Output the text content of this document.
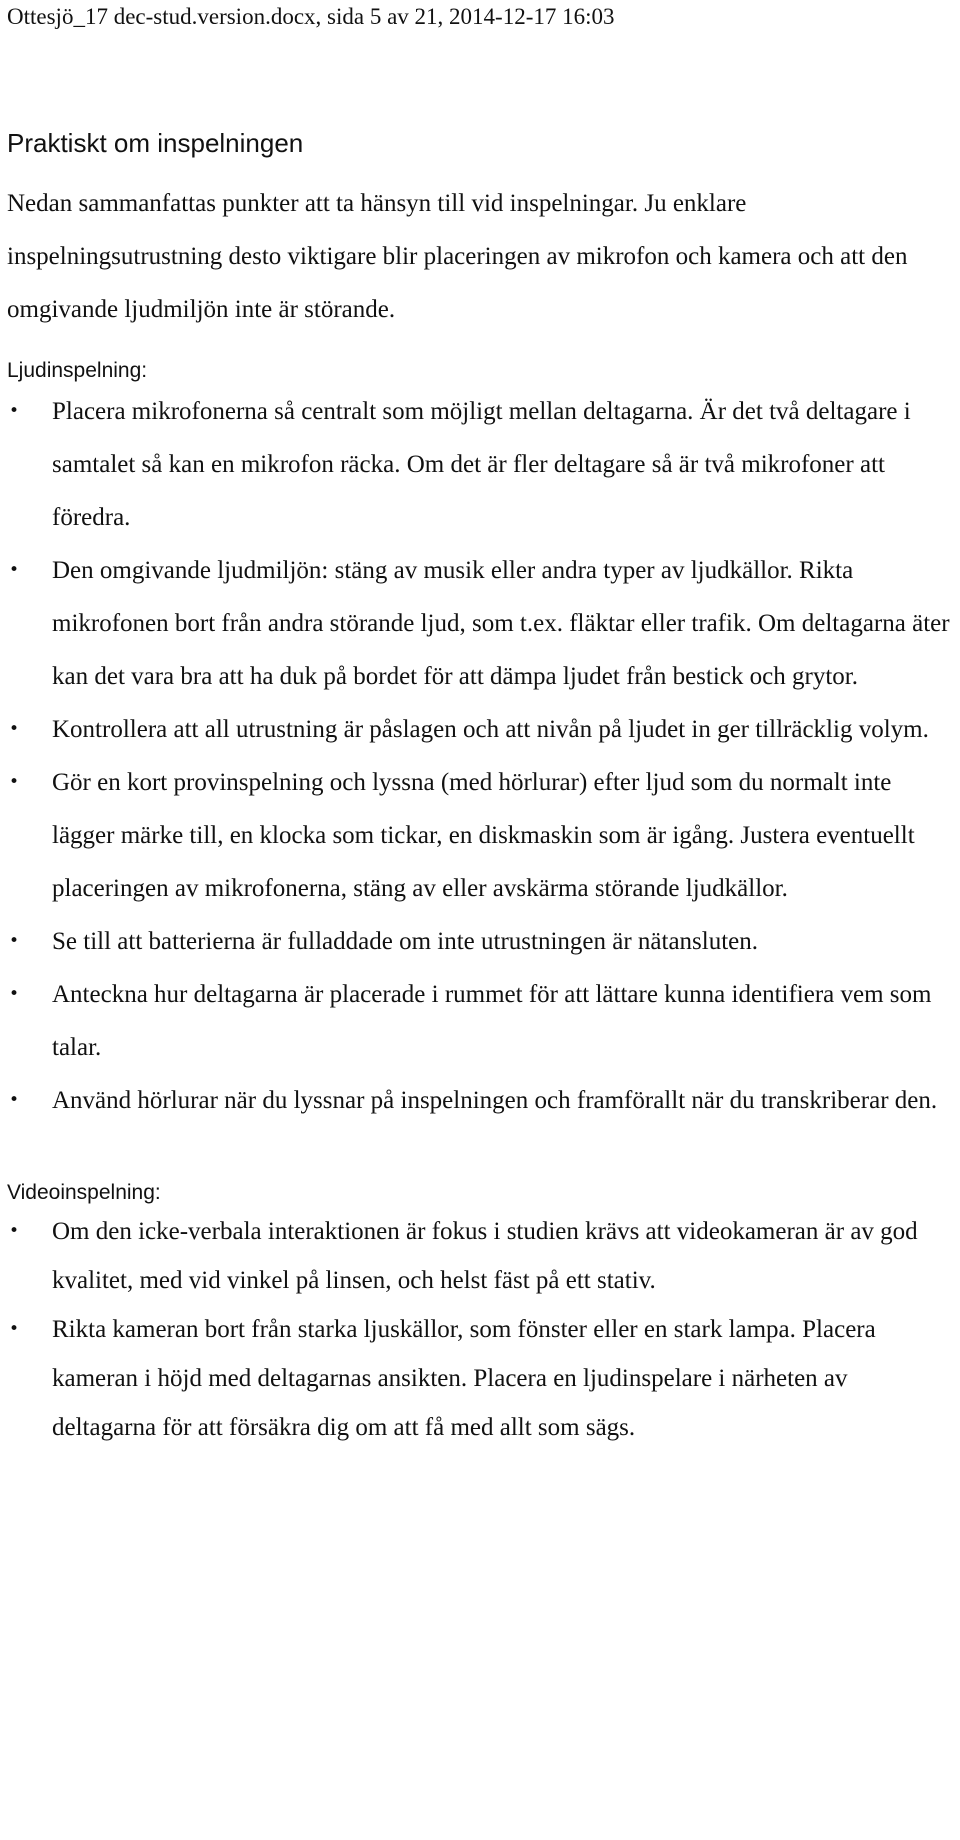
Ottesjö_17 dec-stud.version.docx, sida 5 av 21, 2014-12-17 16:03
Praktiskt om inspelningen
Nedan sammanfattas punkter att ta hänsyn till vid inspelningar. Ju enklare inspelningsutrustning desto viktigare blir placeringen av mikrofon och kamera och att den omgivande ljudmiljön inte är störande.
Ljudinspelning:
• Placera mikrofonerna så centralt som möjligt mellan deltagarna. Är det två deltagare i samtalet så kan en mikrofon räcka. Om det är fler deltagare så är två mikrofoner att föredra.
• Den omgivande ljudmiljön: stäng av musik eller andra typer av ljudkällor. Rikta mikrofonen bort från andra störande ljud, som t.ex. fläktar eller trafik. Om deltagarna äter kan det vara bra att ha duk på bordet för att dämpa ljudet från bestick och grytor.
• Kontrollera att all utrustning är påslagen och att nivån på ljudet in ger tillräcklig volym.
• Gör en kort provinspelning och lyssna (med hörlurar) efter ljud som du normalt inte lägger märke till, en klocka som tickar, en diskmaskin som är igång. Justera eventuellt placeringen av mikrofonerna, stäng av eller avskärma störande ljudkällor.
• Se till att batterierna är fulladdade om inte utrustningen är nätansluten.
• Anteckna hur deltagarna är placerade i rummet för att lättare kunna identifiera vem som talar.
• Använd hörlurar när du lyssnar på inspelningen och framförallt när du transkriberar den.
Videoinspelning:
• Om den icke-verbala interaktionen är fokus i studien krävs att videokameran är av god kvalitet, med vid vinkel på linsen, och helst fäst på ett stativ.
• Rikta kameran bort från starka ljuskällor, som fönster eller en stark lampa. Placera kameran i höjd med deltagarnas ansikten. Placera en ljudinspelare i närheten av deltagarna för att försäkra dig om att få med allt som sägs.
